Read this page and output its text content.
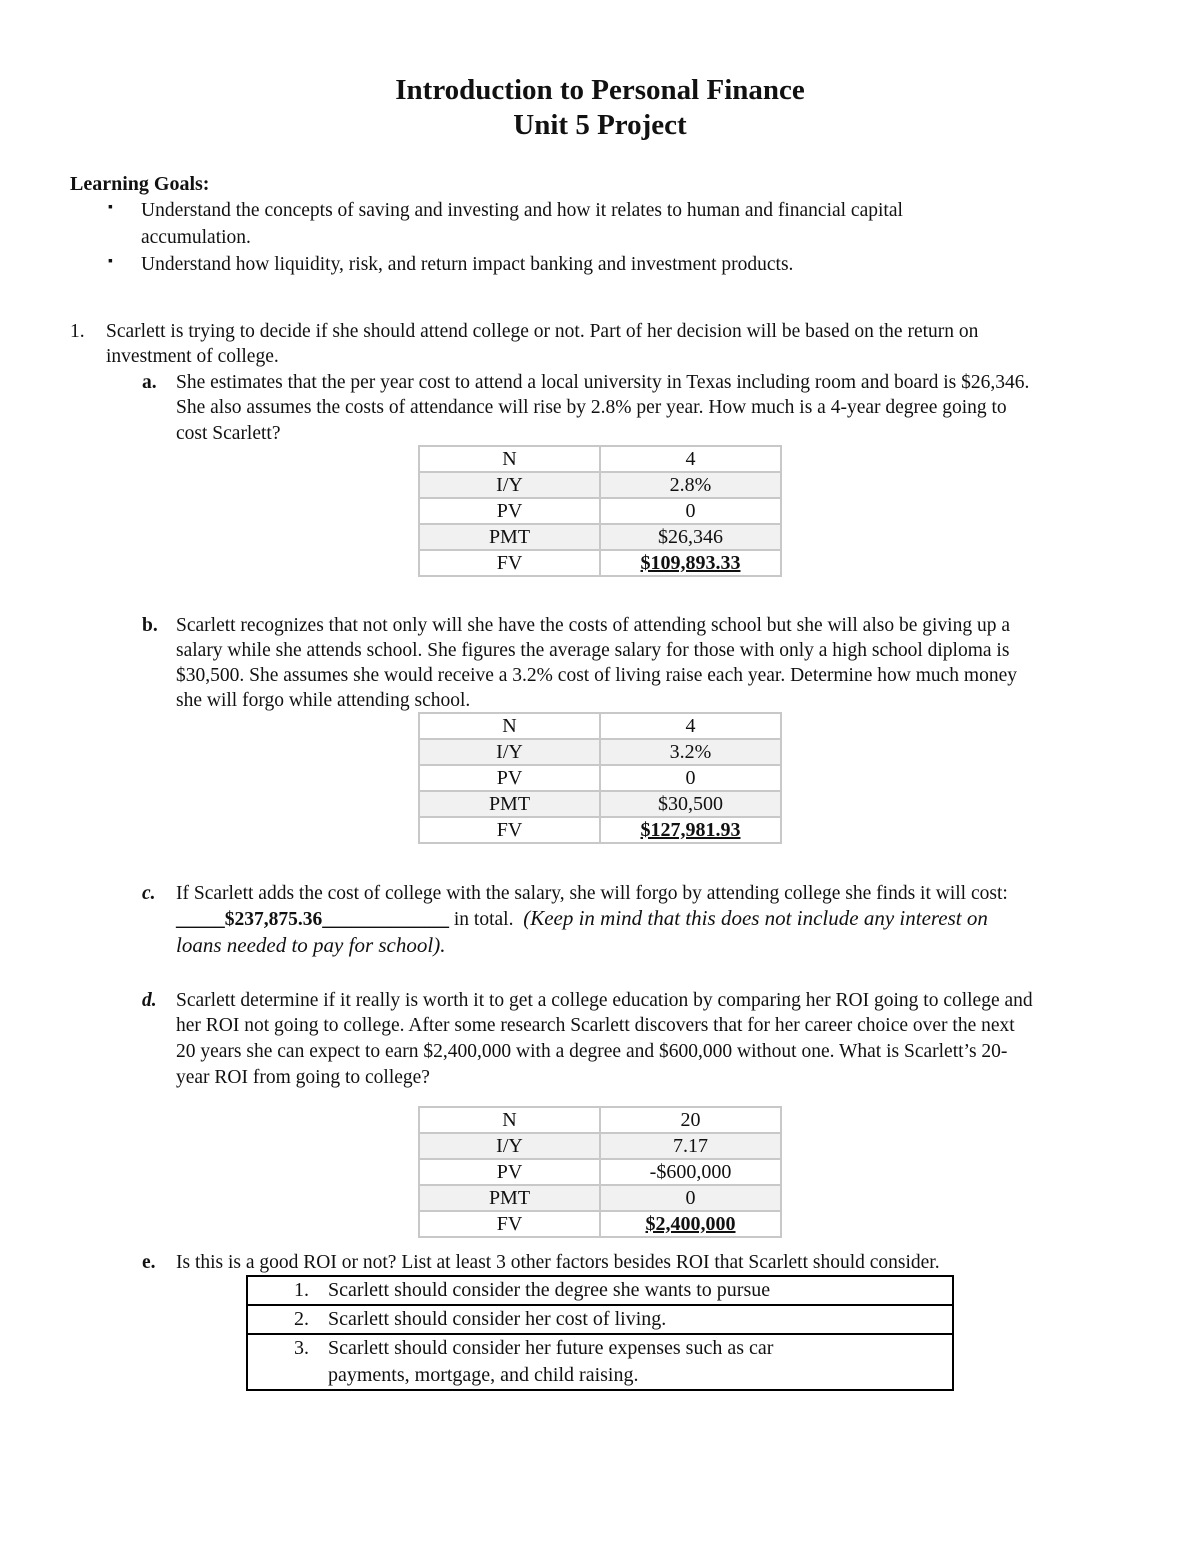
Introduction to Personal Finance
Unit 5 Project
Learning Goals:
▪ Understand the concepts of saving and investing and how it relates to human and financial capital
accumulation.
▪ Understand how liquidity, risk, and return impact banking and investment products.
1. Scarlett is trying to decide if she should attend college or not. Part of her decision will be based on the return on
investment of college.
a. She estimates that the per year cost to attend a local university in Texas including room and board is $26,346.
She also assumes the costs of attendance will rise by 2.8% per year. How much is a 4-year degree going to
cost Scarlett?
N	4
I/Y	2.8%
PV	0
PMT	$26,346
FV	$109,893.33
b. Scarlett recognizes that not only will she have the costs of attending school but she will also be giving up a
salary while she attends school. She figures the average salary for those with only a high school diploma is
$30,500. She assumes she would receive a 3.2% cost of living raise each year. Determine how much money
she will forgo while attending school.
N	4
I/Y	3.2%
PV	0
PMT	$30,500
FV	$127,981.93
c. If Scarlett adds the cost of college with the salary, she will forgo by attending college she finds it will cost:
_____$237,875.36_____________ in total. (Keep in mind that this does not include any interest on
loans needed to pay for school).
d. Scarlett determine if it really is worth it to get a college education by comparing her ROI going to college and
her ROI not going to college. After some research Scarlett discovers that for her career choice over the next
20 years she can expect to earn $2,400,000 with a degree and $600,000 without one. What is Scarlett’s 20-
year ROI from going to college?
N	20
I/Y	7.17
PV	-$600,000
PMT	0
FV	$2,400,000
e. Is this is a good ROI or not? List at least 3 other factors besides ROI that Scarlett should consider.
1. Scarlett should consider the degree she wants to pursue
2. Scarlett should consider her cost of living.
3. Scarlett should consider her future expenses such as car payments, mortgage, and child raising.
